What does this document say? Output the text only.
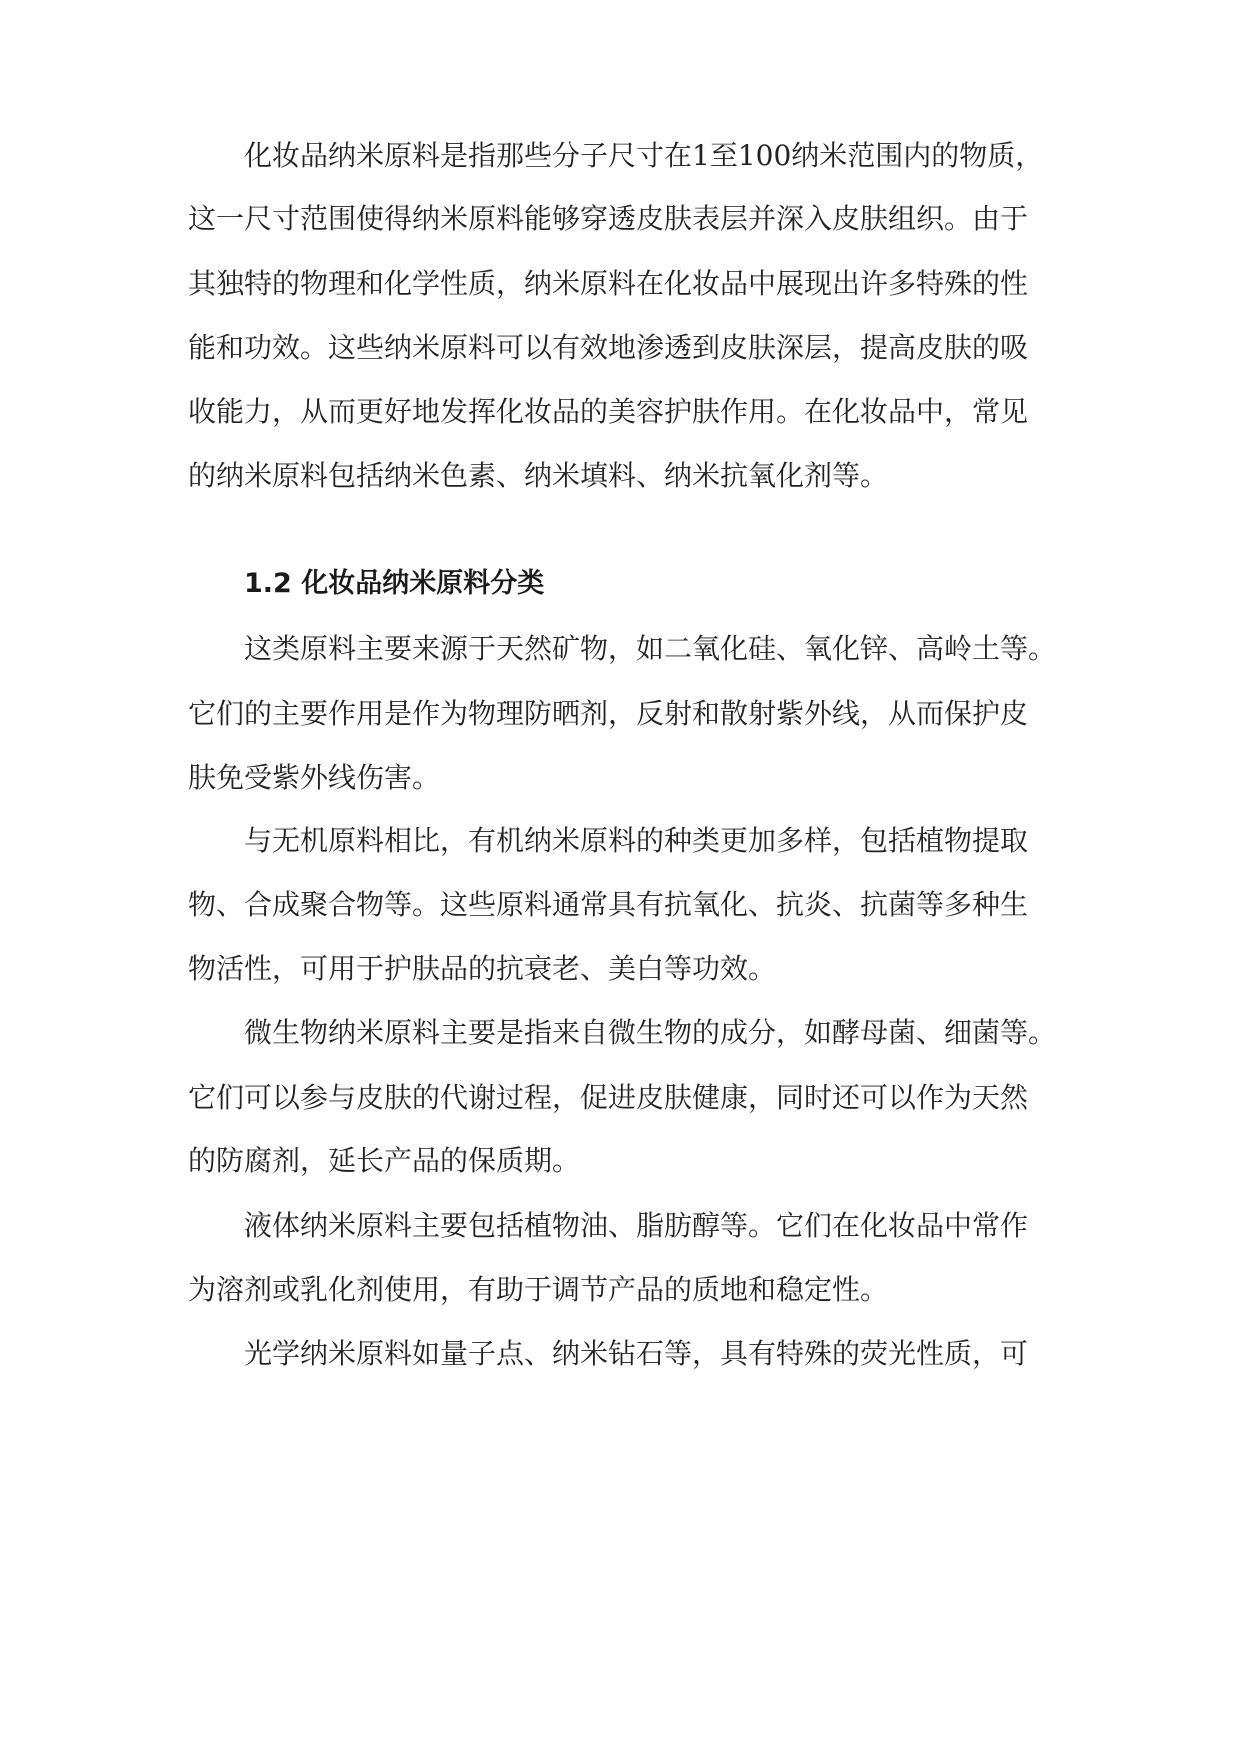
化妆品纳米原料是指那些分子尺寸在1至100纳米范围内的物质，

这一尺寸范围使得纳米原料能够穿透皮肤表层并深入皮肤组织。由于

其独特的物理和化学性质，纳米原料在化妆品中展现出许多特殊的性

能和功效。这些纳米原料可以有效地渗透到皮肤深层，提高皮肤的吸

收能力，从而更好地发挥化妆品的美容护肤作用。在化妆品中，常见

的纳米原料包括纳米色素、纳米填料、纳米抗氧化剂等。

1.2 化妆品纳米原料分类

这类原料主要来源于天然矿物，如二氧化硅、氧化锌、高岭土等。

它们的主要作用是作为物理防晒剂，反射和散射紫外线，从而保护皮

肤免受紫外线伤害。

与无机原料相比，有机纳米原料的种类更加多样，包括植物提取

物、合成聚合物等。这些原料通常具有抗氧化、抗炎、抗菌等多种生

物活性，可用于护肤品的抗衰老、美白等功效。

微生物纳米原料主要是指来自微生物的成分，如酵母菌、细菌等。

它们可以参与皮肤的代谢过程，促进皮肤健康，同时还可以作为天然

的防腐剂，延长产品的保质期。

液体纳米原料主要包括植物油、脂肪醇等。它们在化妆品中常作

为溶剂或乳化剂使用，有助于调节产品的质地和稳定性。

光学纳米原料如量子点、纳米钻石等，具有特殊的荧光性质，可
